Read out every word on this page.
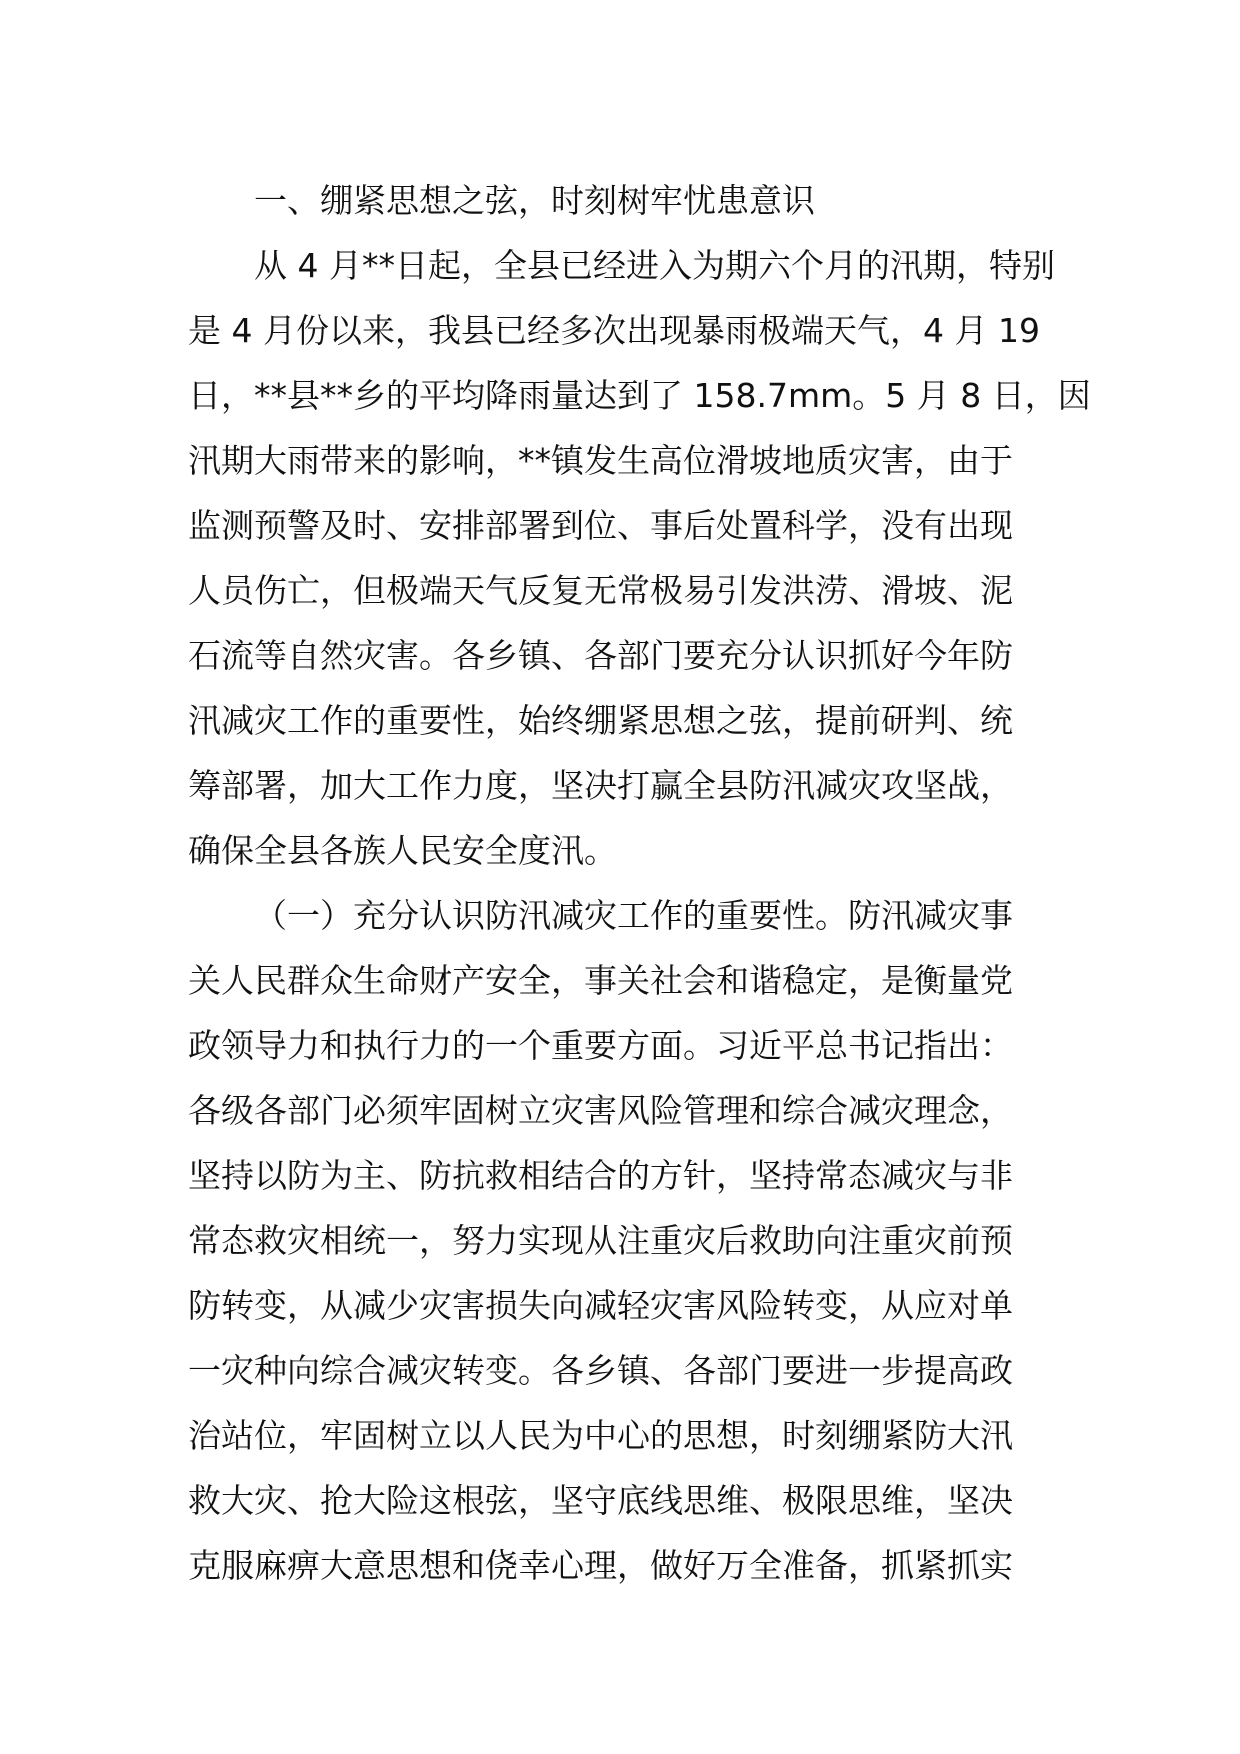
一、绷紧思想之弦，时刻树牢忧患意识
从 4 月**日起，全县已经进入为期六个月的汛期，特别
是 4 月份以来，我县已经多次出现暴雨极端天气，4 月 19
日，**县**乡的平均降雨量达到了 158.7mm。5 月 8 日，因
汛期大雨带来的影响，**镇发生高位滑坡地质灾害，由于
监测预警及时、安排部署到位、事后处置科学，没有出现
人员伤亡，但极端天气反复无常极易引发洪涝、滑坡、泥
石流等自然灾害。各乡镇、各部门要充分认识抓好今年防
汛减灾工作的重要性，始终绷紧思想之弦，提前研判、统
筹部署，加大工作力度，坚决打赢全县防汛减灾攻坚战，
确保全县各族人民安全度汛。
（一）充分认识防汛减灾工作的重要性。防汛减灾事
关人民群众生命财产安全，事关社会和谐稳定，是衡量党
政领导力和执行力的一个重要方面。习近平总书记指出：
各级各部门必须牢固树立灾害风险管理和综合减灾理念，
坚持以防为主、防抗救相结合的方针，坚持常态减灾与非
常态救灾相统一，努力实现从注重灾后救助向注重灾前预
防转变，从减少灾害损失向减轻灾害风险转变，从应对单
一灾种向综合减灾转变。各乡镇、各部门要进一步提高政
治站位，牢固树立以人民为中心的思想，时刻绷紧防大汛
救大灾、抢大险这根弦，坚守底线思维、极限思维，坚决
克服麻痹大意思想和侥幸心理，做好万全准备，抓紧抓实
